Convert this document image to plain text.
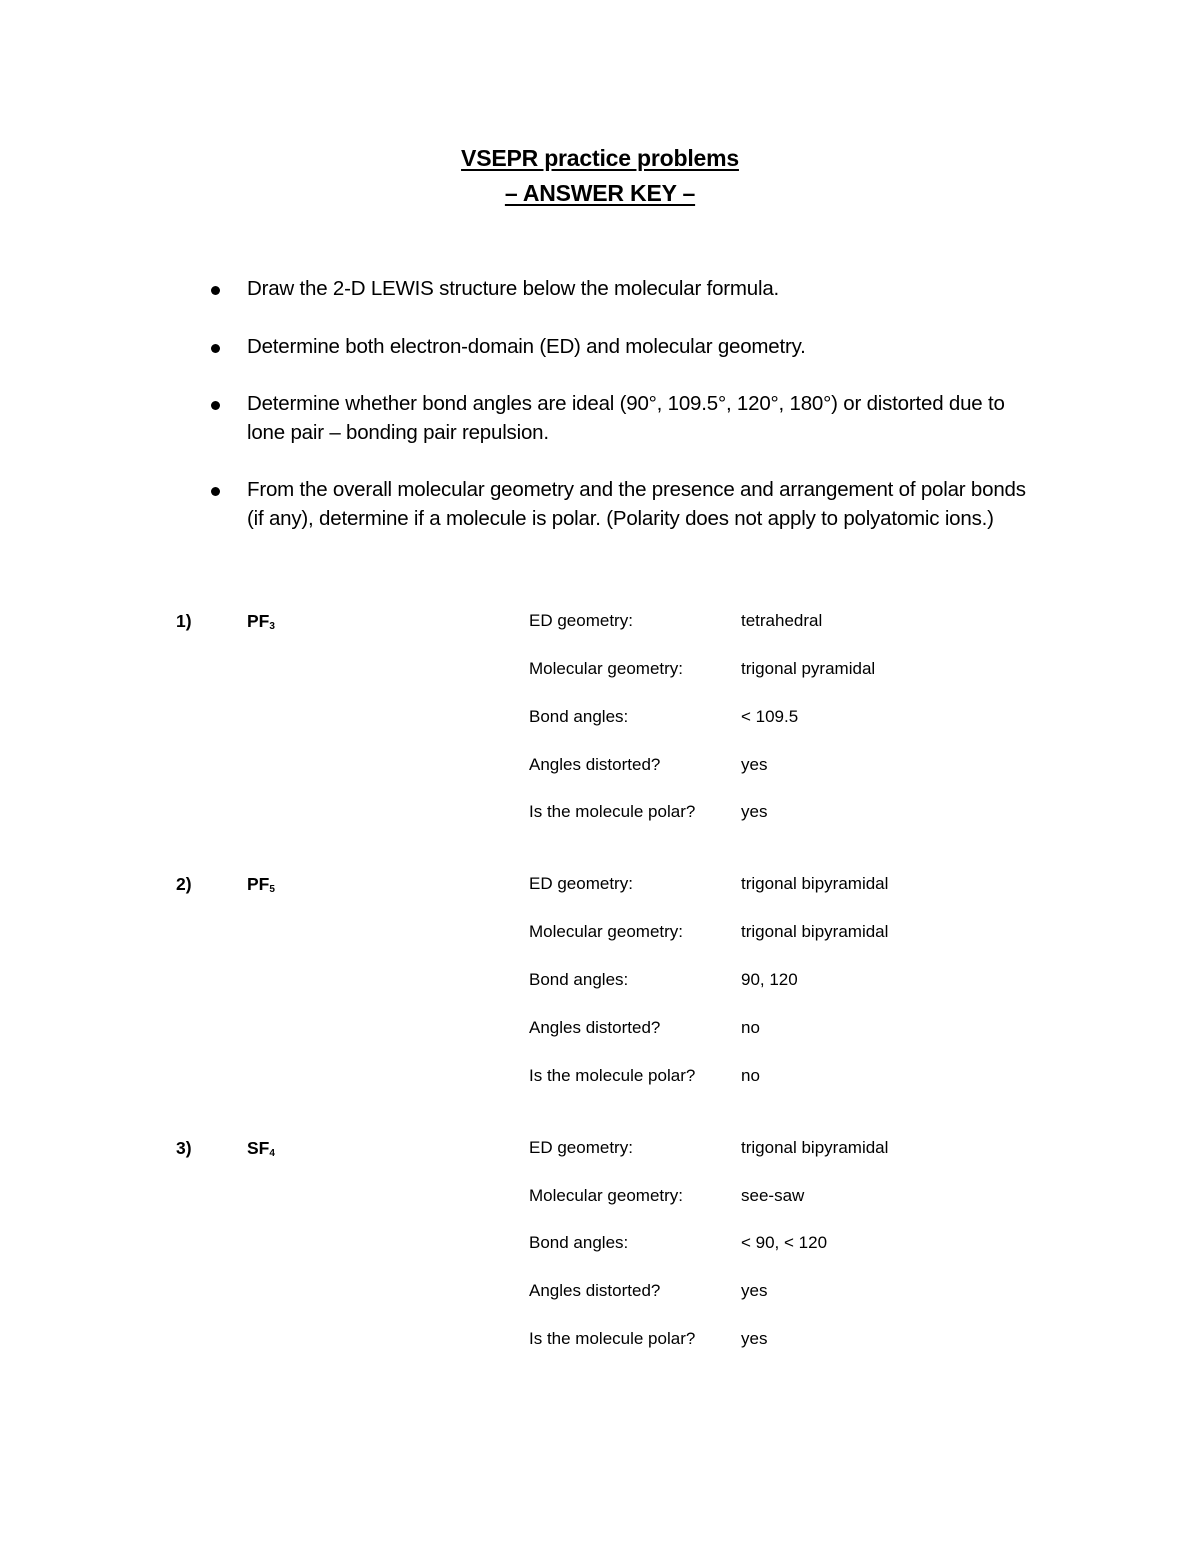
VSEPR practice problems
– ANSWER KEY –
Draw the 2-D LEWIS structure below the molecular formula.
Determine both electron-domain (ED) and molecular geometry.
Determine whether bond angles are ideal (90°, 109.5°, 120°, 180°) or distorted due to lone pair – bonding pair repulsion.
From the overall molecular geometry and the presence and arrangement of polar bonds (if any), determine if a molecule is polar. (Polarity does not apply to polyatomic ions.)
1)	$PF_3$	ED geometry:	tetrahedral
Molecular geometry:	trigonal pyramidal
Bond angles:	< 109.5
Angles distorted?	yes
Is the molecule polar?	yes
2)	$PF_5$	ED geometry:	trigonal bipyramidal
Molecular geometry:	trigonal bipyramidal
Bond angles:	90, 120
Angles distorted?	no
Is the molecule polar?	no
3)	$SF_4$	ED geometry:	trigonal bipyramidal
Molecular geometry:	see-saw
Bond angles:	< 90, < 120
Angles distorted?	yes
Is the molecule polar?	yes
